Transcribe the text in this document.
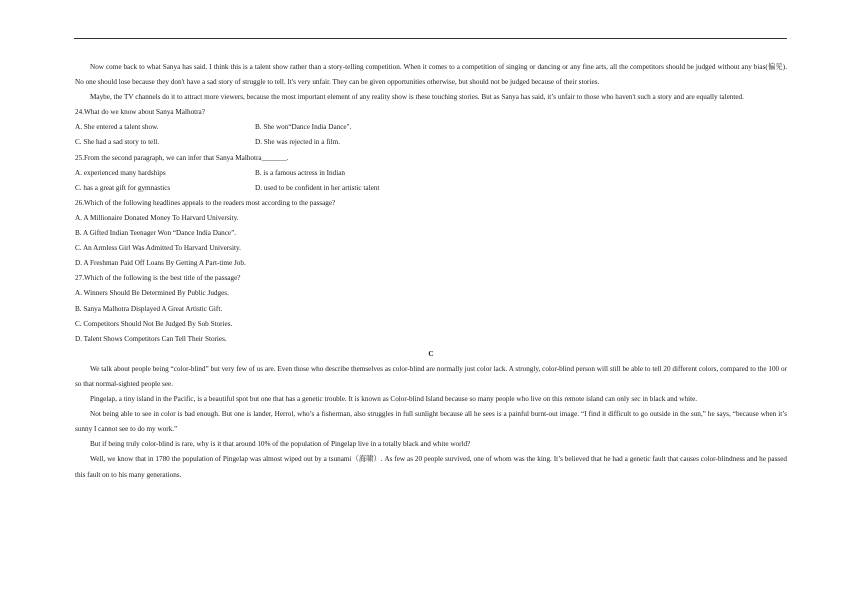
Now come back to what Sanya has said. I think this is a talent show rather than a story-telling competition. When it comes to a competition of singing or dancing or any fine arts, all the competitors should be judged without any bias(偏见). No one should lose because they don't have a sad story of struggle to tell. It's very unfair. They can be given opportunities otherwise, but should not be judged because of their stories.

Maybe, the TV channels do it to attract more viewers, because the most important element of any reality show is these touching stories. But as Sanya has said, it’s unfair to those who haven't such a story and are equally talented.

24.What do we know about Sanya Malhotra?

A. She entered a talent show.	B. She won“Dance India Dance".
C. She had a sad story to tell.	D. She was rejected in a film.

25.From the second paragraph, we can infer that Sanya Malhotra_______.

A. experienced many hardships	B. is a famous actress in Indian
C. has a great gift for gymnastics	D. used to be confident in her artistic talent

26.Which of the following headlines appeals to the readers most according to the passage?

A. A Millionaire Donated Money To Harvard University.

B. A Gifted Indian Teenager Won “Dance India Dance”.

C. An Armless Girl Was Admitted To Harvard University.

D. A Freshman Paid Off Loans By Getting A Part-time Job.

27.Which of the following is the best title of the passage?

A. Winners Should Be Determined By Public Judges.

B. Sanya Malhotra Displayed A Great Artistic Gift.

C. Competitors Should Not Be Judged By Sob Stories.

D. Talent Shows Competitors Can Tell Their Stories.

C

We talk about people being “color-blind” but very few of us are. Even those who describe themselves as color-blind are normally just color lack. A strongly, color-blind person will still be able to tell 20 different colors, compared to the 100 or so that normal-sighted people see.

Pingelap, a tiny island in the Pacific, is a beautiful spot but one that has a genetic trouble. It is known as Color-blind Island because so many people who live on this remote island can only sec in black and white.

Not being able to see in color is bad enough. But one is lander, Herrol, who’s a fisherman, also struggles in full sunlight because all he sees is a painful burnt-out image. “I find it difficult to go outside in the sun,” he says, “because when it’s sunny I cannot see to do my work.”

But if being truly color-blind is rare, why is it that around 10% of the population of Pingelap live in a totally black and white world?

Well, we know that in 1780 the population of Pingelap was almost wiped out by a tsunami（海啸）. As few as 20 people survived, one of whom was the king. It’s believed that he had a genetic fault that causes color-blindness and he passed this fault on to his many generations.
